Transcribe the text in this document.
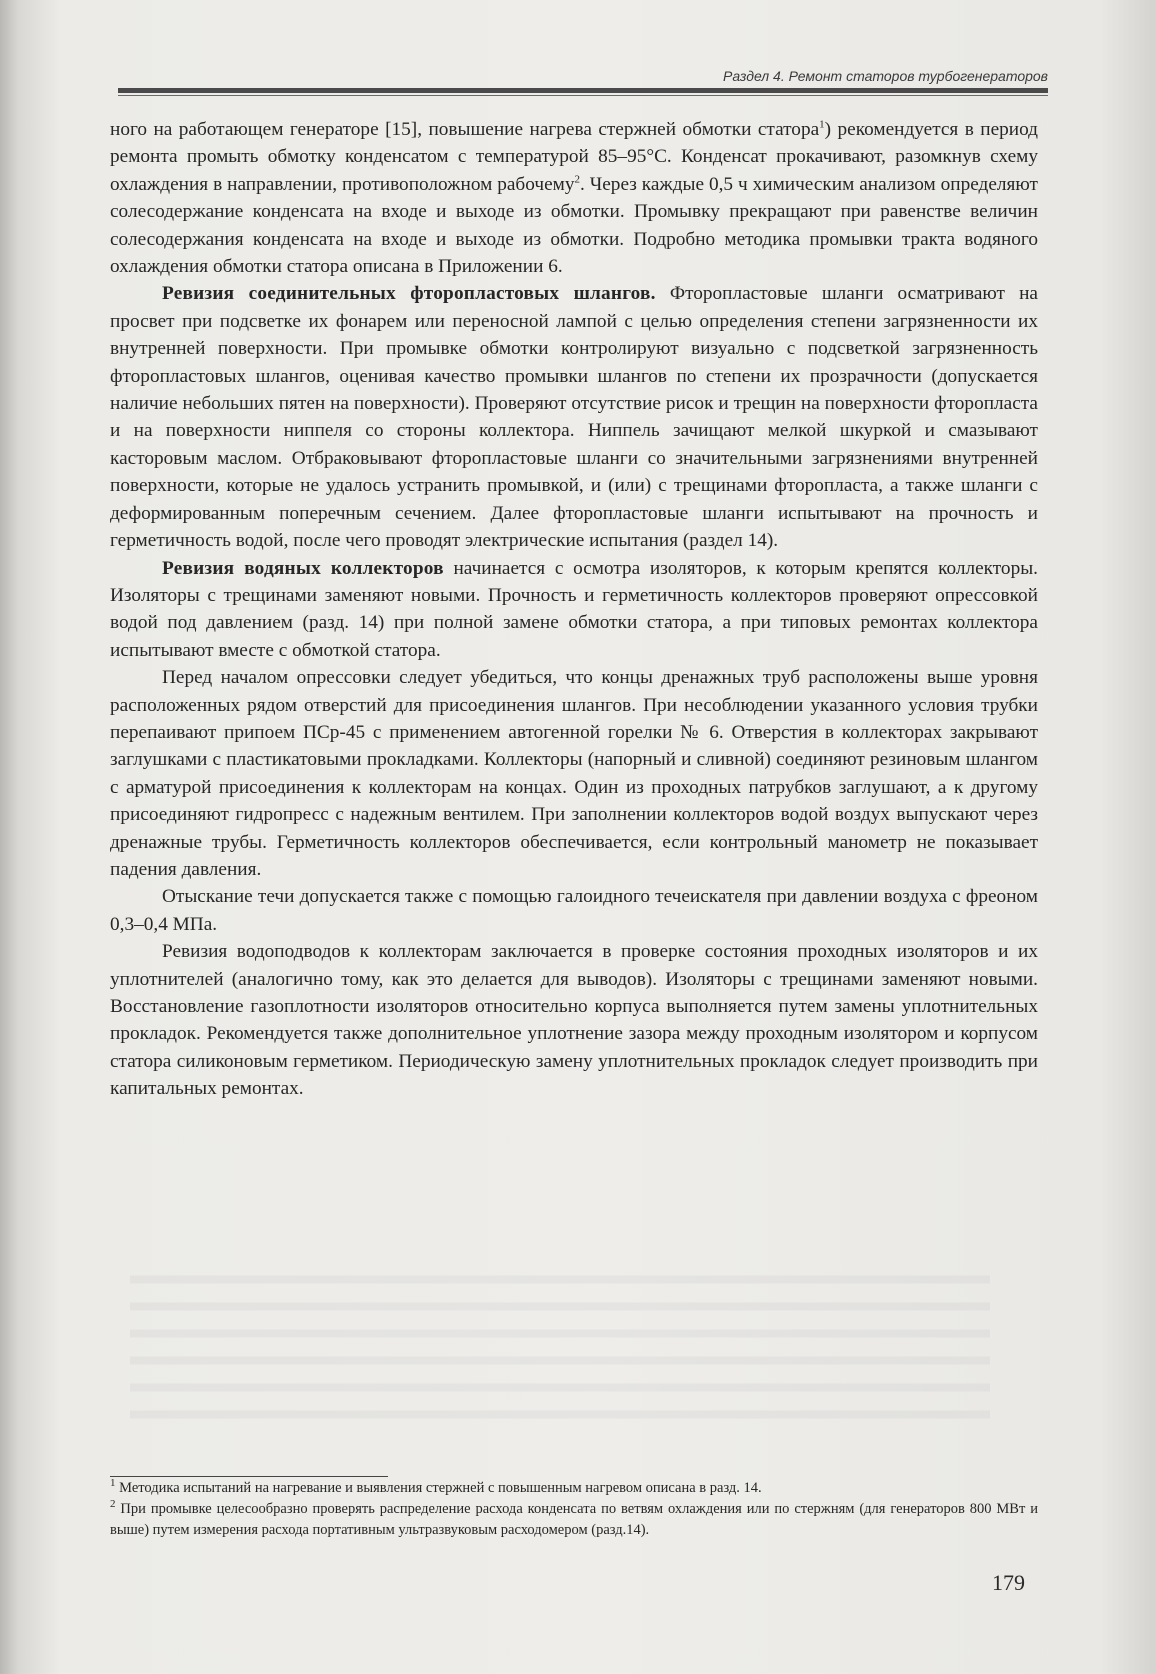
Раздел 4. Ремонт статоров турбогенераторов

ного на работающем генераторе [15], повышение нагрева стержней обмотки статора$^1$) рекомендуется в период ремонта промыть обмотку конденсатом с температурой 85–95°С. Конденсат прокачивают, разомкнув схему охлаждения в направлении, противоположном рабочему$^2$. Через каждые 0,5 ч химическим анализом определяют солесодержание конденсата на входе и выходе из обмотки. Промывку прекращают при равенстве величин солесодержания конденсата на входе и выходе из обмотки. Подробно методика промывки тракта водяного охлаждения обмотки статора описана в Приложении 6.

Ревизия соединительных фторопластовых шлангов. Фторопластовые шланги осматривают на просвет при подсветке их фонарем или переносной лампой с целью определения степени загрязненности их внутренней поверхности. При промывке обмотки контролируют визуально с подсветкой загрязненность фторопластовых шлангов, оценивая качество промывки шлангов по степени их прозрачности (допускается наличие небольших пятен на поверхности). Проверяют отсутствие рисок и трещин на поверхности фторопласта и на поверхности ниппеля со стороны коллектора. Ниппель зачищают мелкой шкуркой и смазывают касторовым маслом. Отбраковывают фторопластовые шланги со значительными загрязнениями внутренней поверхности, которые не удалось устранить промывкой, и (или) с трещинами фторопласта, а также шланги с деформированным поперечным сечением. Далее фторопластовые шланги испытывают на прочность и герметичность водой, после чего проводят электрические испытания (раздел 14).

Ревизия водяных коллекторов начинается с осмотра изоляторов, к которым крепятся коллекторы. Изоляторы с трещинами заменяют новыми. Прочность и герметичность коллекторов проверяют опрессовкой водой под давлением (разд. 14) при полной замене обмотки статора, а при типовых ремонтах коллектора испытывают вместе с обмоткой статора.

Перед началом опрессовки следует убедиться, что концы дренажных труб расположены выше уровня расположенных рядом отверстий для присоединения шлангов. При несоблюдении указанного условия трубки перепаивают припоем ПСр-45 с применением автогенной горелки № 6. Отверстия в коллекторах закрывают заглушками с пластикатовыми прокладками. Коллекторы (напорный и сливной) соединяют резиновым шлангом с арматурой присоединения к коллекторам на концах. Один из проходных патрубков заглушают, а к другому присоединяют гидропресс с надежным вентилем. При заполнении коллекторов водой воздух выпускают через дренажные трубы. Герметичность коллекторов обеспечивается, если контрольный манометр не показывает падения давления.

Отыскание течи допускается также с помощью галоидного течеискателя при давлении воздуха с фреоном 0,3–0,4 МПа.

Ревизия водоподводов к коллекторам заключается в проверке состояния проходных изоляторов и их уплотнителей (аналогично тому, как это делается для выводов). Изоляторы с трещинами заменяют новыми. Восстановление газоплотности изоляторов относительно корпуса выполняется путем замены уплотнительных прокладок. Рекомендуется также дополнительное уплотнение зазора между проходным изолятором и корпусом статора силиконовым герметиком. Периодическую замену уплотнительных прокладок следует производить при капитальных ремонтах.

$^1$ Методика испытаний на нагревание и выявления стержней с повышенным нагревом описана в разд. 14.

$^2$ При промывке целесообразно проверять распределение расхода конденсата по ветвям охлаждения или по стержням (для генераторов 800 МВт и выше) путем измерения расхода портативным ультразвуковым расходомером (разд.14).

179
